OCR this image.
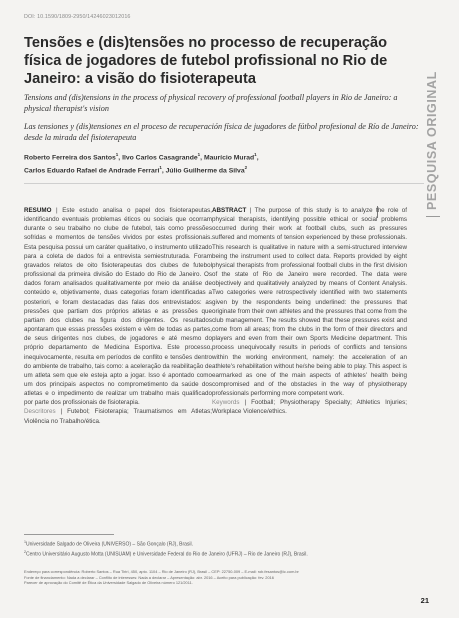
DOI: 10.1590/1809-2950/14246023012016
PESQUISA ORIGINAL
Tensões e (dis)tensões no processo de recuperação física de jogadores de futebol profissional no Rio de Janeiro: a visão do fisioterapeuta
Tensions and (dis)tensions in the process of physical recovery of professional football players in Rio de Janeiro: a physical therapist's vision
Las tensiones y (dis)tensiones en el proceso de recuperación física de jugadores de fútbol profesional de Río de Janeiro: desde la mirada del fisioterapeuta
Roberto Ferreira dos Santos$^1$, Ilvo Carlos Casagrande$^1$, Maurício Murad$^1$,
Carlos Eduardo Rafael de Andrade Ferrari$^1$, Júlio Guilherme da Silva$^2$
RESUMO | Este estudo analisa o papel dos fisioterapeutas, identificando eventuais problemas éticos ou sociais que ocorram durante o seu trabalho no clube de futebol, tais como pressões sofridas e momentos de tensões vividos por estes profissionais. Esta pesquisa possui um caráter qualitativo, o instrumento utilizado para a coleta de dados foi a entrevista semiestruturada. Foram gravados relatos de oito fisioterapeutas dos clubes de futebol profissional da primeira divisão do Estado do Rio de Janeiro. Os dados foram analisados qualitativamente por meio da análise de conteúdo e, objetivamente, duas categorias foram identificadas a posteriori, e foram destacadas das falas dos entrevistados: as pressões que partiam dos próprios atletas e as pressões que partiam dos clubes na figura dos dirigentes. Os resultados apontaram que essas pressões existem e vêm de todas as partes, de seus dirigentes nos clubes, de jogadores e até mesmo do próprio departamento de Medicina Esportiva. Este processo, inequivocamente, resulta em períodos de conflito e tensões dentro do ambiente de trabalho, tais como: a aceleração da reabilitação de um atleta sem que ele esteja apto a jogar. Isso é apontado como um dos principais aspectos no comprometimento da saúde dos atletas e o impedimento de realizar um trabalho mais qualificado por parte dos profissionais de fisioterapia.
Descritores | Futebol; Fisioterapia; Traumatismos em Atletas; Violência no Trabalho/ética.
ABSTRACT | The purpose of this study is to analyze the role of physical therapists, identifying possible ethical or social problems occurred during their work at football clubs, such as pressures suffered and moments of tension experienced by these professionals. This research is qualitative in nature with a semi-structured interview being the instrument used to collect data. Reports provided by eight physical therapists from professional football clubs in the first division of the state of Rio de Janeiro were recorded. The data were objectively and qualitatively analyzed by means of Content Analysis. Two categories were retrospectively identified with two statements given by the respondents being underlined: the pressures that originate from their own athletes and the pressures that come from the club management. The results showed that these pressures exist and come from all areas; from the clubs in the form of their directors and players and even from their own Sports Medicine department. This process unequivocally results in periods of conflicts and tensions within the working environment, namely: the acceleration of an athlete's rehabilitation without he/she being able to play. This aspect is earmarked as one of the main aspects of athletes' health being compromised and of the obstacles in the way of physiotherapy professionals performing more competent work.
Keywords | Football; Physiotherapy Specialty; Athletics Injuries; Workplace Violence/ethics.
$^1$Universidade Salgado de Oliveira (UNIVERSO) – São Gonçalo (RJ), Brasil.
$^2$Centro Universitário Augusto Motta (UNISUAM) e Universidade Federal do Rio de Janeiro (UFRJ) – Rio de Janeiro (RJ), Brasil.
Endereço para correspondência: Roberto Santos – Rua Tiriri, 450, apto. 1104 – Rio de Janeiro (RJ), Brasil – CEP: 22750-009 – E-mail: rob.fesantos@ic.com.br
Fonte de financiamento: Nada a declarar – Conflito de interesses: Nada a declarar – Apresentação: abr. 2016 – Aceito para publicação: fev. 2016
Parecer de aprovação do Comitê de Ética da Universidade Salgado de Oliveira número 121/2011.
21
